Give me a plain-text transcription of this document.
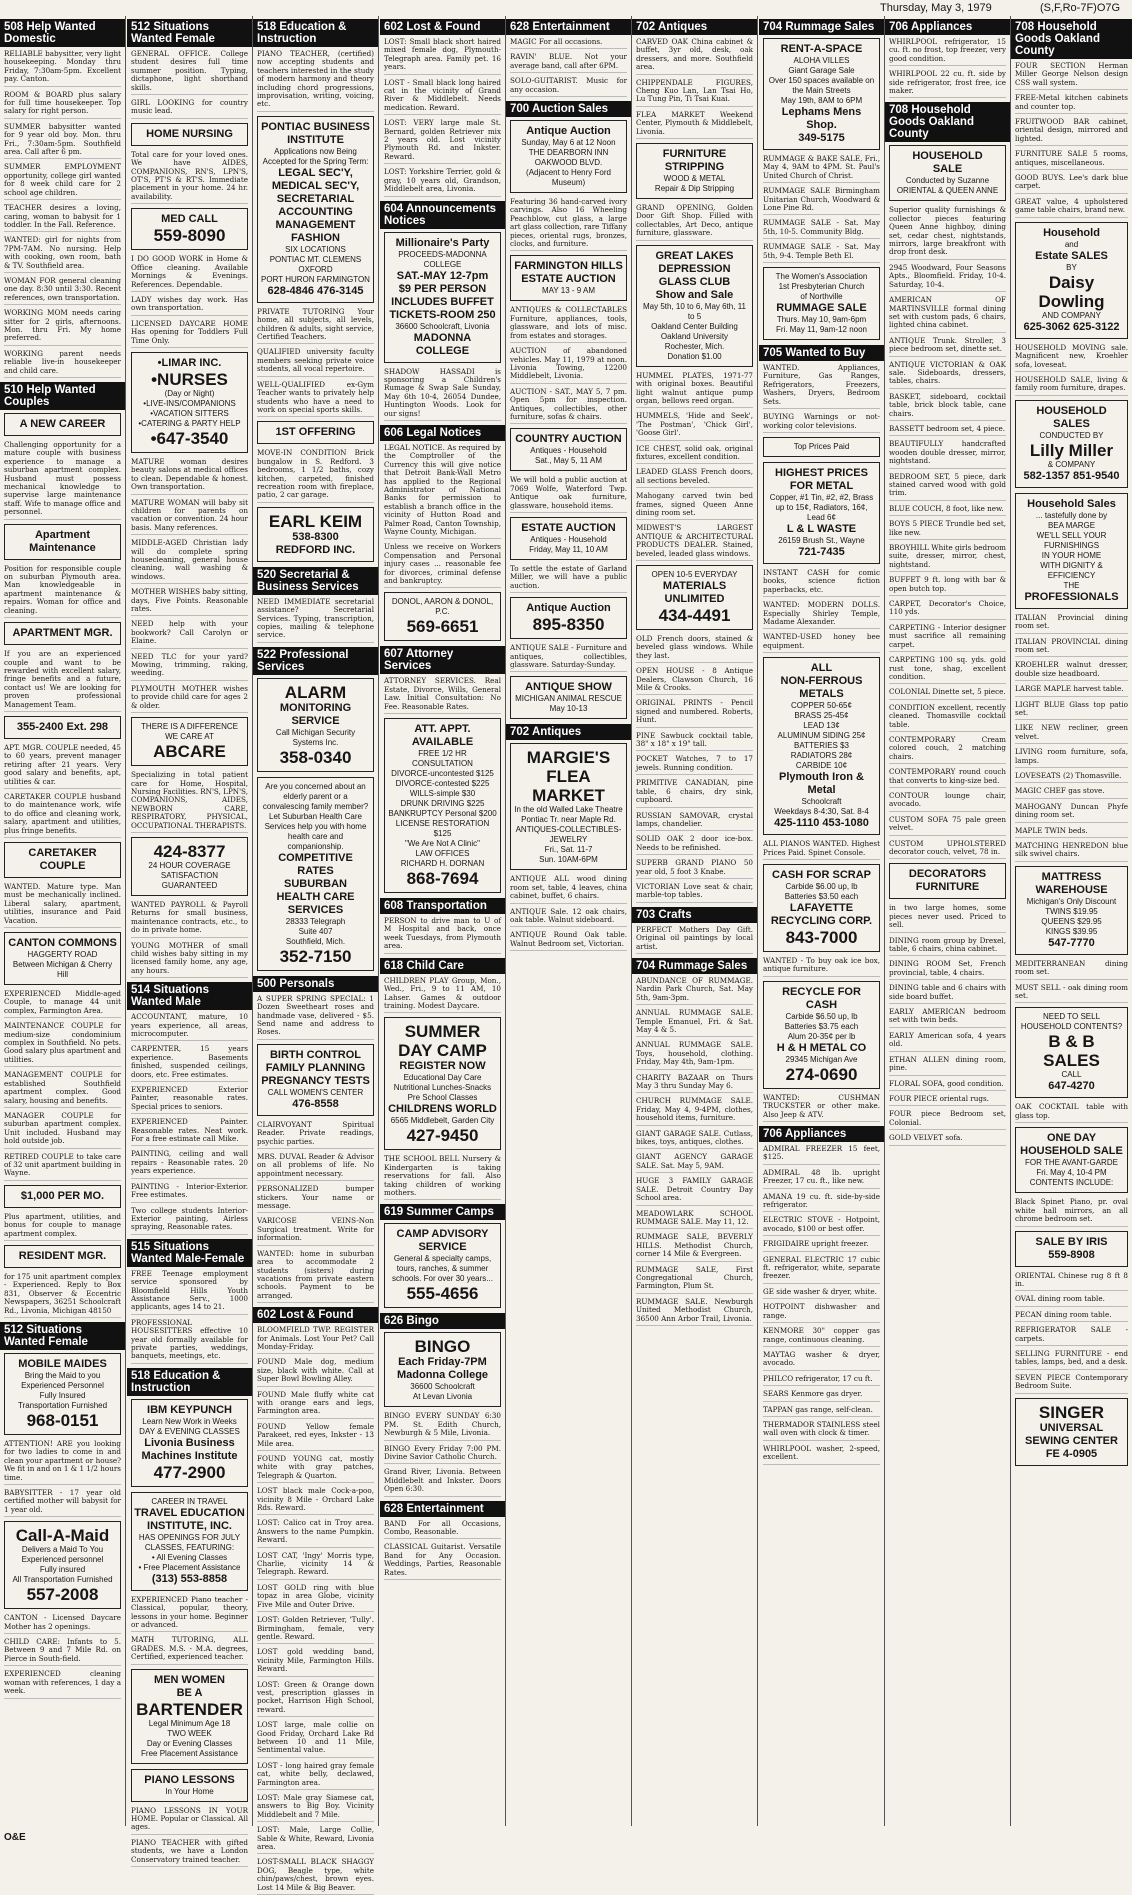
Thursday, May 3, 1979	(S,F,Ro-7F)O7G
508 Help Wanted Domestic
RELIABLE babysitter, very light housekeeping. Monday thru Friday, 7:30am-5pm. Excellent pay. Canton.
ROOM & BOARD plus salary for full time housekeeper. Top salary for right person.
SUMMER babysitter wanted for 9 year old boy. Mon. thru Fri., 7:30am-5pm. Southfield area. Call after 6 pm.
SUMMER EMPLOYMENT opportunity, college girl wanted for 8 week child care for 2 school age children.
TEACHER desires a loving, caring, woman to babysit for 1 toddler. In the Fall. Reference.
WANTED: girl for nights from 7PM-7AM. No nursing. Help with cooking, own room, bath & TV. Southfield area.
WOMAN FOR general cleaning one day. 8:30 until 3:30. Recent references, own transportation.
WORKING MOM needs caring sitter for 2 girls, afternoons. Mon. thru Fri. My home preferred.
WORKING parent needs reliable live-in housekeeper and child care.
510 Help Wanted Couples
A NEW CAREER
Challenging opportunity for a mature couple with business experience to manage a suburban apartment complex. Husband must possess mechanical knowledge to supervise large maintenance staff. Wife to manage office and personnel.
Apartment
Maintenance
Position for responsible couple on suburban Plymouth area. Man knowledgeable in apartment maintenance & repairs. Woman for office and cleaning.
APARTMENT MGR.
If you are an experienced couple and want to be rewarded with excellent salary, fringe benefits and a future, contact us! We are looking for proven professional Management Team.
355-2400 Ext. 298
APT. MGR. COUPLE needed, 45 to 60 years, prevent manager retiring after 21 years. Very good salary and benefits, apt, utilities & car.
CARETAKER COUPLE husband to do maintenance work, wife to do office and cleaning work, salary, apartment and utilities, plus fringe benefits.
CARETAKER COUPLE
WANTED. Mature type. Man must be mechanically inclined. Liberal salary, apartment, utilities, insurance and Paid Vacation.
CANTON COMMONS
HAGGERTY ROAD
Between Michigan & Cherry Hill
EXPERIENCED Middle-aged Couple, to manage 44 unit complex, Farmington Area.
MAINTENANCE COUPLE for medium-size condominium complex in Southfield. No pets. Good salary plus apartment and utilities.
MANAGEMENT COUPLE for established Southfield apartment complex. Good salary, housing and benefits.
MANAGER COUPLE for suburban apartment complex. Unit included. Husband may hold outside job.
RETIRED COUPLE to take care of 32 unit apartment building in Wayne.
$1,000 PER MO.
Plus apartment, utilities, and bonus for couple to manage apartment complex.
RESIDENT MGR.
for 175 unit apartment complex - Experienced. Reply to Box 831, Observer & Eccentric Newspapers, 36251 Schoolcraft Rd., Livonia, Michigan 48150
512 Situations Wanted Female
MOBILE MAIDES
Bring the Maid to you
Experienced Personnel
Fully Insured
Transportation Furnished
968-0151
ATTENTION! ARE you looking for two ladies to come in and clean your apartment or house? We fit in and on 1 & 1 1/2 hours time.
BABYSITTER - 17 year old certified mother will babysit for 1 year old.
Call-A-Maid
Delivers a Maid To You
Experienced personnel
Fully insured
All Transportation Furnished
557-2008
CANTON - Licensed Daycare Mother has 2 openings.
CHILD CARE: Infants to 5. Between 9 and 7 Mile Rd. on Pierce in South-field.
EXPERIENCED cleaning woman with references, 1 day a week.
512 Situations Wanted Female
GENERAL OFFICE. College student desires full time summer position. Typing, dictaphone, light shorthand skills.
GIRL LOOKING for country music lead.
HOME NURSING
Total care for your loved ones. We have AIDES, COMPANIONS, RN'S, LPN'S, OT'S, PT'S & RT'S. Immediate placement in your home. 24 hr. availability.
MED CALL
559-8090
I DO GOOD WORK in Home & Office cleaning. Available Mornings & Evenings. References. Dependable.
LADY wishes day work. Has own transportation.
LICENSED DAYCARE HOME Has opening for Toddlers Full Time Only.
•LIMAR INC.
•NURSES
(Day or Night)
•LIVE-INS/COMPANIONS
•VACATION SITTERS
•CATERING & PARTY HELP
•647-3540
MATURE woman desires beauty salons at medical offices to clean. Dependable & honest. Own transportation.
MATURE WOMAN will baby sit children for parents on vacation or convention. 24 hour basis. Many references.
MIDDLE-AGED Christian lady will do complete spring housecleaning, general house cleaning, wall washing & windows.
MOTHER WISHES baby sitting, days, Five Points. Reasonable rates.
NEED help with your bookwork? Call Carolyn or Elaine.
NEED TLC for your yard? Mowing, trimming, raking, weeding.
PLYMOUTH MOTHER wishes to provide child care for ages 2 & older.
THERE IS A DIFFERENCE
WE CARE AT
ABCARE
Specializing in total patient care for Home, Hospital, Nursing Facilities. RN'S, LPN'S, COMPANIONS, AIDES, NEWBORN CARE, RESPIRATORY, PHYSICAL, OCCUPATIONAL THERAPISTS.
424-8377
24 HOUR COVERAGE
SATISFACTION GUARANTEED
WANTED PAYROLL & Payroll Returns for small business, maintenance contracts, etc., to do in private home.
YOUNG MOTHER of small child wishes baby sitting in my licensed family home, any age, any hours.
514 Situations Wanted Male
ACCOUNTANT, mature, 10 years experience, all areas, microcomputer.
CARPENTER, 15 years experience. Basements finished, suspended ceilings, doors, etc. Free estimates.
EXPERIENCED Exterior Painter, reasonable rates. Special prices to seniors.
EXPERIENCED Painter. Reasonable rates. Neat work. For a free estimate call Mike.
PAINTING, ceiling and wall repairs - Reasonable rates. 20 years experience.
PAINTING - Interior-Exterior. Free estimates.
Two college students Interior-Exterior painting, Airless spraying, Reasonable rates.
515 Situations Wanted Male-Female
FREE Teenage employment service sponsored by Bloomfield Hills Youth Assistance Serv., 1000 applicants, ages 14 to 21.
PROFESSIONAL HOUSESITTERS effective 10 year old formally available for private parties, weddings, banquets, meetings, etc.
518 Education & Instruction
IBM KEYPUNCH
Learn New Work in Weeks
DAY & EVENING CLASSES
Livonia Business
Machines Institute
477-2900
CAREER IN TRAVEL
TRAVEL EDUCATION
INSTITUTE, INC.
HAS OPENINGS FOR JULY CLASSES, FEATURING:
• All Evening Classes
• Free Placement Assistance
(313) 553-8858
EXPERIENCED Piano teacher - Classical, popular, theory, lessons in your home. Beginner or advanced.
MATH TUTORING, ALL GRADES. M.S. - M.A. degrees, Certified, experienced teacher.
MEN WOMEN
BE A
BARTENDER
Legal Minimum Age 18
TWO WEEK
Day or Evening Classes
Free Placement Assistance
PIANO LESSONS
In Your Home
PIANO LESSONS IN YOUR HOME. Popular or Classical. All ages.
PIANO TEACHER with gifted students, we have a London Conservatory trained teacher.
518 Education & Instruction
PIANO TEACHER, (certified) now accepting students and teachers interested in the study of modern harmony and theory including chord progressions, improvisation, writing, voicing, etc.
PONTIAC BUSINESS
INSTITUTE
Applications now Being Accepted for the Spring Term:
LEGAL SEC'Y,
MEDICAL SEC'Y,
SECRETARIAL
ACCOUNTING
MANAGEMENT
FASHION
SIX LOCATIONS
PONTIAC MT. CLEMENS
OXFORD
PORT HURON FARMINGTON
628-4846 476-3145
PRIVATE TUTORING Your home, all subjects, all levels, children & adults, sight service, Certified Teachers.
QUALIFIED university faculty members seeking private voice students, all vocal repertoire.
WELL-QUALIFIED ex-Gym Teacher wants to privately help students who have a need to work on special sports skills.
1ST OFFERING
MOVE-IN CONDITION Brick bungalow in S. Redford. 3 bedrooms, 1 1/2 baths, cozy kitchen, carpeted, finished recreation room with fireplace, patio, 2 car garage.
EARL KEIM
538-8300
REDFORD INC.
520 Secretarial & Business Services
NEED IMMEDIATE secretarial assistance? Secretarial Services. Typing, transcription, copies, mailing & telephone service.
522 Professional Services
ALARM
MONITORING
SERVICE
Call Michigan Security Systems Inc.
358-0340
Are you concerned about an elderly parent or a convalescing family member? Let Suburban Health Care Services help you with home health care and companionship.
COMPETITIVE RATES
SUBURBAN
HEALTH CARE
SERVICES
28333 Telegraph
Suite 407
Southfield, Mich.
352-7150
500 Personals
A SUPER SPRING SPECIAL: 1 Dozen Sweetheart roses and handmade vase, delivered - $5. Send name and address to Roses.
BIRTH CONTROL
FAMILY PLANNING
PREGNANCY TESTS
CALL WOMEN'S CENTER
476-8558
CLAIRVOYANT Spiritual Reader. Private readings, psychic parties.
MRS. DUVAL Reader & Advisor on all problems of life. No appointment necessary.
PERSONALIZED bumper stickers. Your name or message.
VARICOSE VEINS-Non Surgical treatment. Write for information.
WANTED: home in suburban area to accommodate 2 students (sisters) during vacations from private eastern schools. Payment to be arranged.
602 Lost & Found
BLOOMFIELD TWP. REGISTER for Animals. Lost Your Pet? Call Monday-Friday.
FOUND Male dog, medium size, black with white. Call at Super Bowl Bowling Alley.
FOUND Male fluffy white cat with orange ears and legs, Farmington area.
FOUND Yellow female Parakeet, red eyes, Inkster - 13 Mile area.
FOUND YOUNG cat, mostly white with gray patches, Telegraph & Quarton.
LOST black male Cock-a-poo, vicinity 8 Mile - Orchard Lake Rds. Reward.
LOST: Calico cat in Troy area. Answers to the name Pumpkin. Reward.
LOST CAT, 'Ingy' Morris type, Charlie, vicinity 14 & Telegraph. Reward.
LOST GOLD ring with blue topaz in area Globe, vicinity Five Mile and Outer Drive.
LOST: Golden Retriever, 'Tully'. Birmingham, female, very gentle. Reward.
LOST gold wedding band, vicinity Mile, Farmington Hills. Reward.
LOST: Green & Orange down vest, prescription glasses in pocket, Harrison High School, reward.
LOST large, male collie on Good Friday, Orchard Lake Rd between 10 and 11 Mile, Sentimental value.
LOST - long haired gray female cat, white belly, declawed, Farmington area.
LOST: Male gray Siamese cat, answers to Big Boy. Vicinity Middlebelt and 7 Mile.
LOST: Male, Large Collie, Sable & White, Reward, Livonia area.
LOST-SMALL BLACK SHAGGY DOG, Beagle type, white chin/paws/chest, brown eyes. Lost 14 Mile & Big Beaver.
602 Lost & Found
LOST: Small black short haired mixed female dog, Plymouth-Telegraph area. Family pet. 16 years.
LOST - Small black long haired cat in the vicinity of Grand River & Middlebelt. Needs medication. Reward.
LOST: VERY large male St. Bernard, golden Retriever mix 2 years old. Lost vicinity Plymouth Rd. and Inkster. Reward.
LOST: Yorkshire Terrier, gold & gray, 10 years old, Grandson, Middlebelt area, Livonia.
604 Announcements Notices
Millionaire's Party
PROCEEDS-MADONNA COLLEGE
SAT.-MAY 12-7pm
$9 PER PERSON
INCLUDES BUFFET
TICKETS-ROOM 250
36600 Schoolcraft, Livonia
MADONNA COLLEGE
SHADOW HASSADI is sponsoring a Children's Rumage & Swap Sale Sunday, May 6th 10-4, 26054 Dundee, Huntington Woods. Look for our signs!
606 Legal Notices
LEGAL NOTICE. As required by the Comptroller of the Currency this will give notice that Detroit Bank-Wall Metro has applied to the Regional Administrator of National Banks for permission to establish a branch office in the vicinity of Hutton Road and Palmer Road, Canton Township, Wayne County, Michigan.
Unless we receive on Workers Compensation and Personal injury cases ... reasonable fee for divorces, criminal defense and bankruptcy.
DONOL, AARON & DONOL, P.C.
569-6651
607 Attorney Services
ATTORNEY SERVICES. Real Estate, Divorce, Wills, General Law. Initial Consultation: No Fee. Reasonable Rates.
ATT. APPT. AVAILABLE
FREE 1/2 HR CONSULTATION
DIVORCE-uncontested $125
DIVORCE-contested $225
WILLS-simple $30
DRUNK DRIVING $225
BANKRUPTCY Personal $200
LICENSE RESTORATION $125
"We Are Not A Clinic"
LAW OFFICES
RICHARD H. DORNAN
868-7694
608 Transportation
PERSON to drive man to U of M Hospital and back, once week Tuesdays, from Plymouth area.
618 Child Care
CHILDREN PLAY Group, Mon., Wed., Fri., 9 to 11 AM, 10 Lahser. Games & outdoor training. Modest Daycare.
SUMMER
DAY CAMP
REGISTER NOW
Educational Day Care
Nutritional Lunches-Snacks
Pre School Classes
CHILDRENS WORLD
6565 Middlebelt, Garden City
427-9450
THE SCHOOL BELL Nursery & Kindergarten is taking reservations for fall. Also taking children of working mothers.
619 Summer Camps
CAMP ADVISORY
SERVICE
General & specialty camps, tours, ranches, & summer schools. For over 30 years...
555-4656
626 Bingo
BINGO
Each Friday-7PM
Madonna College
36600 Schoolcraft
At Levan Livonia
BINGO EVERY SUNDAY 6:30 PM. St. Edith Church, Newburgh & 5 Mile, Livonia.
BINGO Every Friday 7:00 PM. Divine Savior Catholic Church.
Grand River, Livonia. Between Middlebelt and Inkster. Doors Open 6:30.
628 Entertainment
BAND For all Occasions, Combo, Reasonable.
CLASSICAL Guitarist. Versatile Band for Any Occasion. Weddings, Parties, Reasonable Rates.
628 Entertainment
MAGIC For all occasions.
RAVIN' BLUE. Not your average band, call after 6PM.
SOLO-GUITARIST. Music for any occasion.
700 Auction Sales
Antique Auction
Sunday, May 6 at 12 Noon
THE DEARBORN INN
OAKWOOD BLVD.
(Adjacent to Henry Ford Museum)
Featuring 36 hand-carved ivory carvings. Also 16 Wheeling Peachblow, cut glass, a large art glass collection, rare Tiffany pieces, oriental rugs, bronzes, clocks, and furniture.
FARMINGTON HILLS
ESTATE AUCTION
MAY 13 - 9 AM
ANTIQUES & COLLECTABLES Furniture, appliances, tools, glassware, and lots of misc. from estates and storages.
AUCTION of abandoned vehicles. May 11, 1979 at noon. Livonia Towing, 12200 Middlebelt, Livonia.
AUCTION - SAT., MAY 5, 7 pm. Open 5pm for inspection. Antiques, collectibles, other furniture, sofas & chairs.
COUNTRY AUCTION
Antiques - Household
Sat., May 5, 11 AM
We will hold a public auction at 7069 Wolfe, Waterford Twp. Antique oak furniture, glassware, household items.
ESTATE AUCTION
Antiques - Household
Friday, May 11, 10 AM
To settle the estate of Garland Miller, we will have a public auction.
Antique Auction
895-8350
ANTIQUE SALE - Furniture and antiques, collectibles, glassware. Saturday-Sunday.
ANTIQUE SHOW
MICHIGAN ANIMAL RESCUE
May 10-13
702 Antiques
MARGIE'S
FLEA MARKET
In the old Walled Lake Theatre
Pontiac Tr. near Maple Rd.
ANTIQUES-COLLECTIBLES-
JEWELRY
Fri., Sat. 11-7
Sun. 10AM-6PM
ANTIQUE ALL wood dining room set, table, 4 leaves, china cabinet, buffet, 6 chairs.
ANTIQUE Sale. 12 oak chairs, oak table. Walnut sideboard.
ANTIQUE Round Oak table. Walnut Bedroom set, Victorian.
702 Antiques
CARVED OAK China cabinet & buffet, 3yr old, desk, oak dressers, and more. Southfield area.
CHIPPENDALE FIGURES, Cheng Kuo Lan, Lan Tsai Ho, Lu Tung Pin, Ti Tsai Kuai.
FLEA MARKET Weekend Center, Plymouth & Middlebelt, Livonia.
FURNITURE
STRIPPING
WOOD & METAL
Repair & Dip Stripping
GRAND OPENING, Golden Door Gift Shop. Filled with collectables, Art Deco, antique furniture, glassware.
GREAT LAKES
DEPRESSION
GLASS CLUB
Show and Sale
May 5th, 10 to 6, May 6th, 11 to 5
Oakland Center Building
Oakland University
Rochester, Mich.
Donation $1.00
HUMMEL PLATES, 1971-77 with original boxes. Beautiful light walnut antique pump organ, bellows reed organ.
HUMMELS, 'Hide and Seek', 'The Postman', 'Chick Girl', 'Goose Girl'.
ICE CHEST, solid oak, original fixtures, excellent condition.
LEADED GLASS French doors, all sections beveled.
Mahogany carved twin bed frames, signed Queen Anne dining room set.
MIDWEST'S LARGEST ANTIQUE & ARCHITECTURAL PRODUCTS DEALER. Stained, beveled, leaded glass windows.
OPEN 10-5 EVERYDAY
MATERIALS
UNLIMITED
434-4491
OLD French doors, stained & beveled glass windows. While they last.
OPEN HOUSE - 8 Antique Dealers, Clawson Church, 16 Mile & Crooks.
ORIGINAL PRINTS - Pencil signed and numbered. Roberts, Hunt.
PINE Sawbuck cocktail table, 38" x 18" x 19" tall.
POCKET Watches, 7 to 17 jewels. Running condition.
PRIMITIVE CANADIAN, pine table, 6 chairs, dry sink, cupboard.
RUSSIAN SAMOVAR, crystal lamps, chandelier.
SOLID OAK 2 door ice-box. Needs to be refinished.
SUPERB GRAND PIANO 50 year old, 5 foot 3 Knabe.
VICTORIAN Love seat & chair, marble-top tables.
703 Crafts
PERFECT Mothers Day Gift. Original oil paintings by local artist.
704 Rummage Sales
ABUNDANCE OF RUMMAGE. Nardin Park Church, Sat. May 5th, 9am-3pm.
ANNUAL RUMMAGE SALE. Temple Emanuel, Fri. & Sat. May 4 & 5.
ANNUAL RUMMAGE SALE. Toys, household, clothing. Friday, May 4th, 9am-1pm.
CHARITY BAZAAR on Thurs May 3 thru Sunday May 6.
CHURCH RUMMAGE SALE. Friday, May 4, 9-4PM, clothes, household items, furniture.
GIANT GARAGE SALE. Cutlass, bikes, toys, antiques, clothes.
GIANT AGENCY GARAGE SALE. Sat. May 5, 9AM.
HUGE 3 FAMILY GARAGE SALE. Detroit Country Day School area.
MEADOWLARK SCHOOL RUMMAGE SALE. May 11, 12.
RUMMAGE SALE, BEVERLY HILLS. Methodist Church, corner 14 Mile & Evergreen.
RUMMAGE SALE, First Congregational Church, Farmington, Plum St.
RUMMAGE SALE. Newburgh United Methodist Church, 36500 Ann Arbor Trail, Livonia.
704 Rummage Sales
RENT-A-SPACE
ALOHA VILLES
Giant Garage Sale
Over 150 spaces available on the Main Streets
May 19th, 8AM to 6PM
Lephams Mens Shop.
349-5175
RUMMAGE & BAKE SALE, Fri., May 4, 9AM to 4PM. St. Paul's United Church of Christ.
RUMMAGE SALE Birmingham Unitarian Church, Woodward & Lone Pine Rd.
RUMMAGE SALE - Sat. May 5th, 10-5. Community Bldg.
RUMMAGE SALE - Sat. May 5th, 9-4. Temple Beth El.
The Women's Association
1st Presbyterian Church
of Northville
RUMMAGE SALE
Thurs. May 10, 9am-6pm
Fri. May 11, 9am-12 noon
705 Wanted to Buy
WANTED. Appliances, Furniture, Gas Ranges, Refrigerators, Freezers, Washers, Dryers, Bedroom Sets.
BUYING Warnings or not-working color televisions.
Top Prices Paid
HIGHEST PRICES
FOR METAL
Copper, #1 Tin, #2, #2, Brass up to 15¢, Radiators, 16¢, Lead 6¢
L & L WASTE
26159 Brush St., Wayne
721-7435
INSTANT CASH for comic books, science fiction paperbacks, etc.
WANTED: MODERN DOLLS. Especially Shirley Temple, Madame Alexander.
WANTED-USED honey bee equipment.
ALL
NON-FERROUS
METALS
COPPER 50-65¢
BRASS 25-45¢
LEAD 13¢
ALUMINUM SIDING 25¢
BATTERIES $3
RADIATORS 28¢
CARBIDE 10¢
Plymouth Iron & Metal
Schoolcraft
Weekdays 8-4:30, Sat. 8-4
425-1110 453-1080
ALL PIANOS WANTED. Highest Prices Paid. Spinet Console.
CASH FOR SCRAP
Carbide $6.00 up, lb
Batteries $3.50 each
LAFAYETTE
RECYCLING CORP.
843-7000
WANTED - To buy oak ice box, antique furniture.
RECYCLE FOR CASH
Carbide $6.50 up, lb
Batteries $3.75 each
Alum 20-35¢ per lb
H & H METAL CO
29345 Michigan Ave
274-0690
WANTED: CUSHMAN TRUCKSTER or other make. Also Jeep & ATV.
706 Appliances
ADMIRAL FREEZER 15 feet, $125.
ADMIRAL 48 lb. upright Freezer, 17 cu. ft., like new.
AMANA 19 cu. ft. side-by-side refrigerator.
ELECTRIC STOVE - Hotpoint, avocado, $100 or best offer.
FRIGIDAIRE upright freezer.
GENERAL ELECTRIC 17 cubic ft. refrigerator, white, separate freezer.
GE side washer & dryer, white.
HOTPOINT dishwasher and range.
KENMORE 30" copper gas range, continuous cleaning.
MAYTAG washer & dryer, avocado.
PHILCO refrigerator, 17 cu ft.
SEARS Kenmore gas dryer.
TAPPAN gas range, self-clean.
THERMADOR STAINLESS steel wall oven with clock & timer.
WHIRLPOOL washer, 2-speed, excellent.
706 Appliances
WHIRLPOOL refrigerator, 15 cu. ft. no frost, top freezer, very good condition.
WHIRLPOOL 22 cu. ft. side by side refrigerator, frost free, ice maker.
708 Household Goods Oakland County
HOUSEHOLD
SALE
Conducted by Suzanne
ORIENTAL & QUEEN ANNE
Superior quality furnishings & collector pieces featuring Queen Anne highboy, dining set, cedar chest, nightstands, mirrors, large breakfront with drop front desk.
2945 Woodward, Four Seasons Apts., Bloomfield. Friday, 10-4. Saturday, 10-4.
AMERICAN OF MARTINSVILLE formal dining set with custom pads, 6 chairs, lighted china cabinet.
ANTIQUE Trunk. Stroller, 3 piece bedroom set, dinette set.
ANTIQUE VICTORIAN & OAK sale. Sideboards, dressers, tables, chairs.
BASKET, sideboard, cocktail table, brick block table, cane chairs.
BASSETT bedroom set, 4 piece.
BEAUTIFULLY handcrafted wooden double dresser, mirror, nightstand.
BEDROOM SET, 5 piece, dark stained carved wood with gold trim.
BLUE COUCH, 8 foot, like new.
BOYS 5 PIECE Trundle bed set, like new.
BROYHILL White girls bedroom suite, dresser, mirror, chest, nightstand.
BUFFET 9 ft. long with bar & open butch top.
CARPET, Decorator's Choice, 110 yds.
CARPETING - Interior designer must sacrifice all remaining carpet.
CARPETING 100 sq. yds. gold rust tone, shag, excellent condition.
COLONIAL Dinette set, 5 piece.
CONDITION excellent, recently cleaned. Thomasville cocktail table.
CONTEMPORARY Cream colored couch, 2 matching chairs.
CONTEMPORARY round couch that converts to king-size bed.
CONTOUR lounge chair, avocado.
CUSTOM SOFA 75 pale green velvet.
CUSTOM UPHOLSTERED decorator couch, velvet, 78 in.
DECORATORS FURNITURE
in two large homes, some pieces never used. Priced to sell.
DINING room group by Drexel, table, 6 chairs, china cabinet.
DINING ROOM Set, French provincial, table, 4 chairs.
DINING table and 6 chairs with side board buffet.
EARLY AMERICAN bedroom set with twin beds.
EARLY American sofa, 4 years old.
ETHAN ALLEN dining room, pine.
FLORAL SOFA, good condition.
FOUR PIECE oriental rugs.
FOUR piece Bedroom set, Colonial.
GOLD VELVET sofa.
708 Household Goods Oakland County
FOUR SECTION Herman Miller George Nelson design CSS wall system.
FREE-Metal kitchen cabinets and counter top.
FRUITWOOD BAR cabinet, oriental design, mirrored and lighted.
FURNITURE SALE 5 rooms, antiques, miscellaneous.
GOOD BUYS. Lee's dark blue carpet.
GREAT value, 4 upholstered game table chairs, brand new.
Household
and
Estate SALES
BY
Daisy Dowling
AND COMPANY
625-3062 625-3122
HOUSEHOLD MOVING sale. Magnificent new, Kroehler sofa, loveseat.
HOUSEHOLD SALE, living & family room furniture, drapes.
HOUSEHOLD
SALES
CONDUCTED BY
Lilly Miller
& COMPANY
582-1357 851-9540
Household Sales
... tastefully done by
BEA MARGE
WE'LL SELL YOUR FURNISHINGS
IN YOUR HOME
WITH DIGNITY & EFFICIENCY
THE
PROFESSIONALS
ITALIAN Provincial dining room set.
ITALIAN PROVINCIAL dining room set.
KROEHLER walnut dresser, double size headboard.
LARGE MAPLE harvest table.
LIGHT BLUE Glass top patio set.
LIKE NEW recliner, green velvet.
LIVING room furniture, sofa, lamps.
LOVESEATS (2) Thomasville.
MAGIC CHEF gas stove.
MAHOGANY Duncan Phyfe dining room set.
MAPLE TWIN beds.
MATCHING HENREDON blue silk swivel chairs.
MATTRESS
WAREHOUSE
Michigan's Only Discount
TWINS $19.95
QUEENS $29.95
KINGS $39.95
547-7770
MEDITERRANEAN dining room set.
MUST SELL - oak dining room set.
NEED TO SELL
HOUSEHOLD CONTENTS?
B & B SALES
CALL
647-4270
OAK COCKTAIL table with glass top.
ONE DAY
HOUSEHOLD SALE
FOR THE AVANT-GARDE
Fri. May 4, 10-4 PM
CONTENTS INCLUDE:
Black Spinet Piano, pr. oval white hall mirrors, an all chrome bedroom set.
SALE BY IRIS
559-8908
ORIENTAL Chinese rug 8 ft 8 in.
OVAL dining room table.
PECAN dining room table.
REFRIGERATOR SALE - carpets.
SELLING FURNITURE - end tables, lamps, bed, and a desk.
SEVEN PIECE Contemporary Bedroom Suite.
SINGER
UNIVERSAL
SEWING CENTER
FE 4-0905
O&E
